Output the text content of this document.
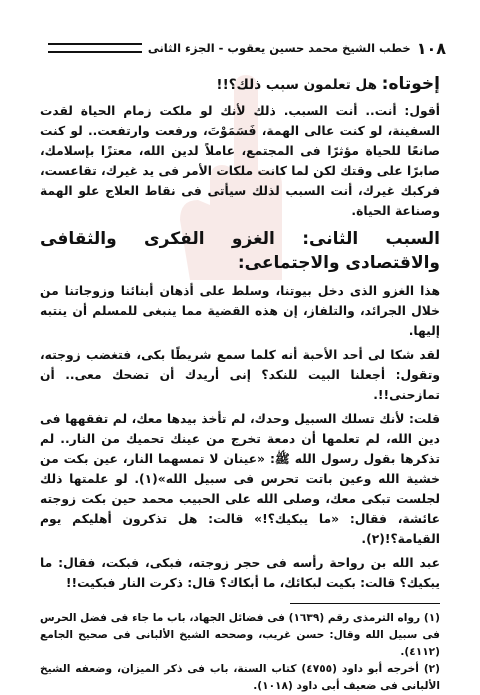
١٠٨
خطب الشيخ محمد حسين يعقوب - الجزء الثانى
إخوتاه: هل تعلمون سبب ذلك؟!!

أقول: أنت.. أنت السبب. ذلك لأنك لو ملكت زمام الحياة لقدت السفينة، لو كنت عالى الهمة، فَسَمَوْتَ، ورفعت وارتفعت.. لو كنت صانعًا للحياة مؤثرًا فى المجتمع، عاملاً لدين الله، معتزًا بإسلامك، صابرًا على وقتك لكن لما كانت ملكات الأمر فى يد غيرك، تقاعست، فركبك غيرك، أنت السبب لذلك سيأتى فى نقاط العلاج علو الهمة وصناعة الحياة.

السبب الثانى: الغزو الفكرى والثقافى والاقتصادى والاجتماعى:

هذا الغزو الذى دخل بيوتنا، وسلط على أذهان أبنائنا وزوجاتنا من خلال الجرائد، والتلفاز، إن هذه القضية مما ينبغى للمسلم أن ينتبه إليها.

لقد شكا لى أحد الأحبة أنه كلما سمع شريطًا بكى، فتغضب زوجته، وتقول: أجعلنا البيت للنكد؟ إنى أريدك أن تضحك معى.. أن تمازحنى!!.

قلت: لأنك تسلك السبيل وحدك، لم تأخذ بيدها معك، لم تفقهها فى دين الله، لم تعلمها أن دمعة تخرج من عينك تحميك من النار.. لم تذكرها بقول رسول الله ﷺ: «عينان لا تمسهما النار، عين بكت من خشية الله وعين باتت تحرس فى سبيل الله»(١). لو علمتها ذلك لجلست تبكى معك، وصلى الله على الحبيب محمد حين بكت زوجته عائشة، فقال: «ما يبكيك؟!» قالت: هل تذكرون أهليكم يوم القيامة؟!(٢).

عبد الله بن رواحة رأسه فى حجر زوجته، فبكى، فبكت، فقال: ما يبكيك؟ قالت: بكيت لبكائك، ما أبكاك؟ قال: ذكرت النار فبكيت!!

(١) رواه الترمذى رقم (١٦٣٩) فى فضائل الجهاد، باب ما جاء فى فضل الحرس فى سبيل الله وقال: حسن غريب، وصححه الشيخ الألبانى فى صحيح الجامع (٤١١٢).
(٢) أخرجه أبو داود (٤٧٥٥) كتاب السنة، باب فى ذكر الميزان، وضعفه الشيخ الألبانى فى ضعيف أبى داود (١٠١٨).
